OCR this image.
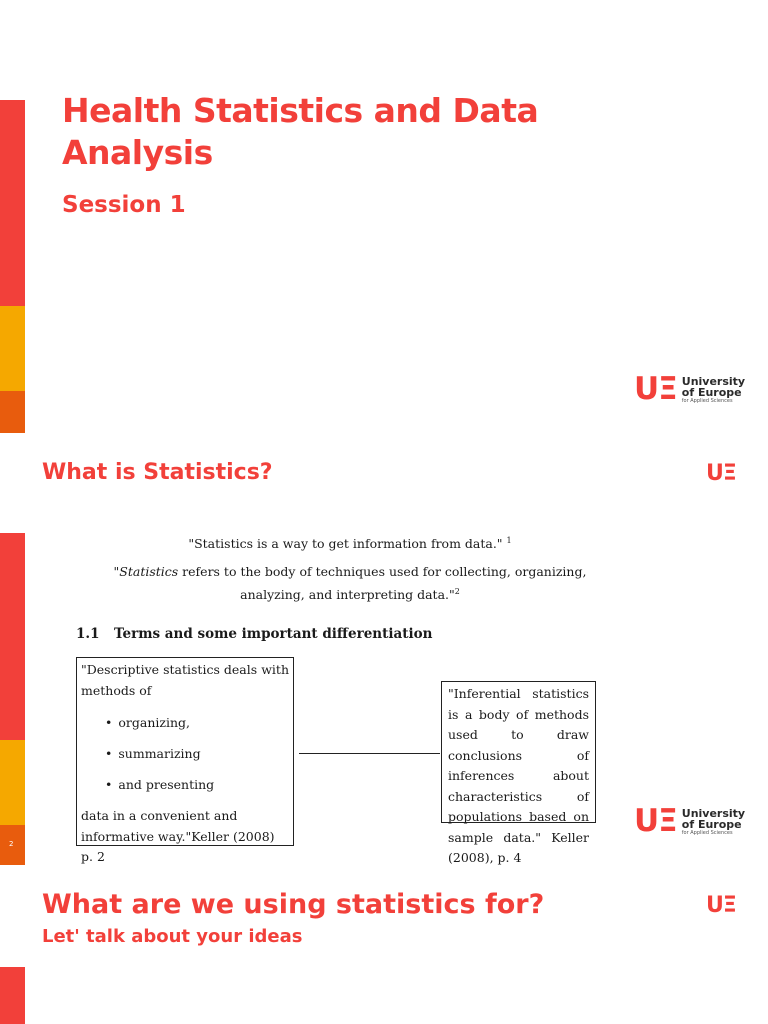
Health Statistics and Data Analysis
Session 1
UΞ University
of Europe
for Applied Sciences
What is Statistics?	UΞ
"Statistics is a way to get information from data." $^1$
"Statistics refers to the body of techniques used for collecting, organizing, analyzing, and interpreting data."$^2$
1.1 Terms and some important differentiation
"Descriptive statistics deals with methods of
• organizing,
• summarizing
• and presenting
data in a convenient and informative way."Keller (2008) p. 2
"Inferential statistics is a body of methods used to draw conclusions of inferences about characteristics of populations based on sample data." Keller (2008), p. 4
UΞ University
of Europe
for Applied Sciences
2
What are we using statistics for?
Let' talk about your ideas
UΞ
